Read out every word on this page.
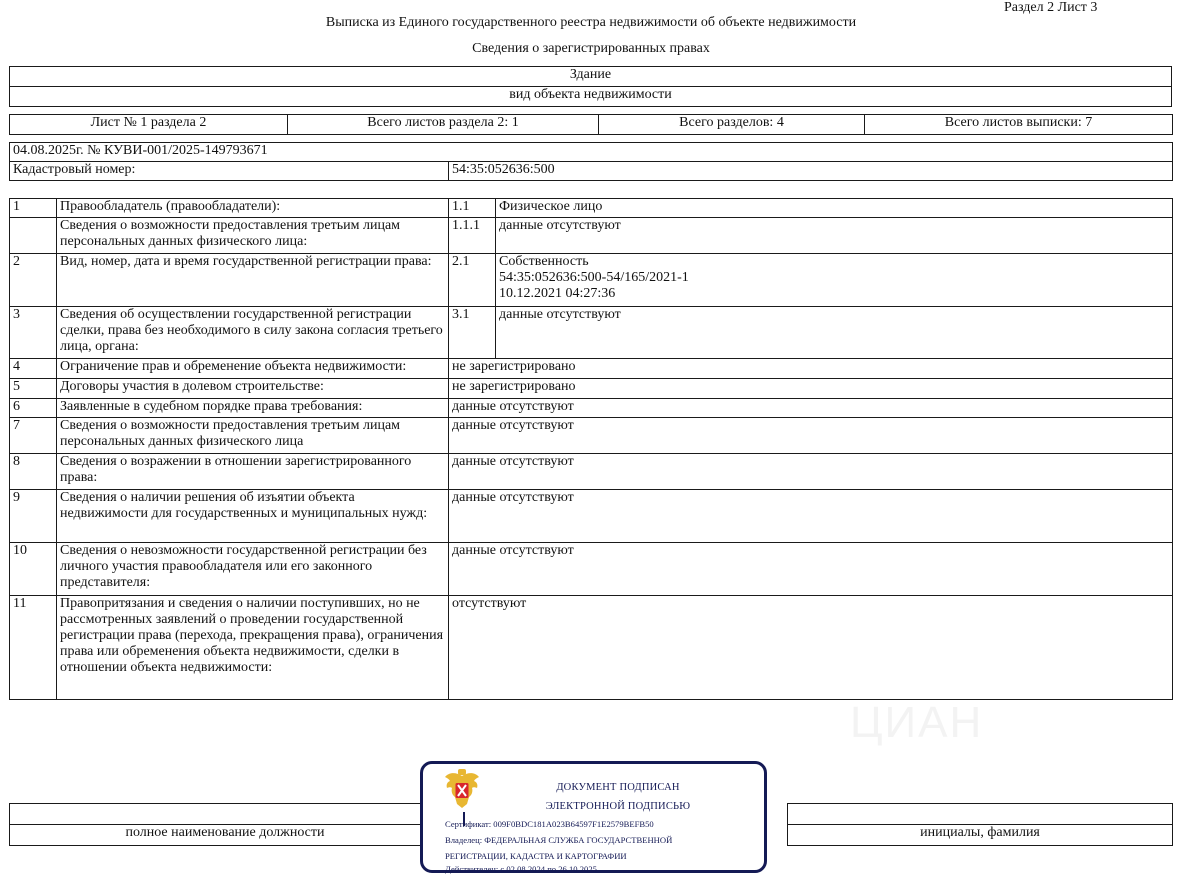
Раздел 2 Лист 3
Выписка из Единого государственного реестра недвижимости об объекте недвижимости
Сведения о зарегистрированных правах
Здание
вид объекта недвижимости
Лист № 1 раздела 2	Всего листов раздела 2: 1	Всего разделов: 4	Всего листов выписки: 7
04.08.2025г. № КУВИ-001/2025-149793671
Кадастровый номер:	54:35:052636:500
1	Правообладатель (правообладатели):	1.1	Физическое лицо
	Сведения о возможности предоставления третьим лицам персональных данных физического лица:	1.1.1	данные отсутствуют
2	Вид, номер, дата и время государственной регистрации права:	2.1	Собственность
54:35:052636:500-54/165/2021-1
10.12.2021 04:27:36

3	Сведения об осуществлении государственной регистрации сделки, права без необходимого в силу закона согласия третьего лица, органа:	3.1	данные отсутствуют
4	Ограничение прав и обременение объекта недвижимости:	не зарегистрировано	
5	Договоры участия в долевом строительстве:	не зарегистрировано	
6	Заявленные в судебном порядке права требования:	данные отсутствуют	
7	Сведения о возможности предоставления третьим лицам персональных данных физического лица	данные отсутствуют	
8	Сведения о возражении в отношении зарегистрированного права:	данные отсутствуют	
9	Сведения о наличии решения об изъятии объекта недвижимости для государственных и муниципальных нужд:	данные отсутствуют	
10	Сведения о невозможности государственной регистрации без личного участия правообладателя или его законного представителя:	данные отсутствуют	
11	Правопритязания и сведения о наличии поступивших, но не рассмотренных заявлений о проведении государственной регистрации права (перехода, прекращения права), ограничения права или обременения объекта недвижимости, сделки в отношении объекта недвижимости:	отсутствуют	
ЦИАН

полное наименование должности		инициалы, фамилия
ДОКУМЕНТ ПОДПИСАН
ЭЛЕКТРОННОЙ ПОДПИСЬЮ
Сертификат: 009F0BDC181A023B64597F1E2579BEFB50
Владелец: ФЕДЕРАЛЬНАЯ СЛУЖБА ГОСУДАРСТВЕННОЙ
РЕГИСТРАЦИИ, КАДАСТРА И КАРТОГРАФИИ
Действителен: с 02.08.2024 по 26.10.2025
